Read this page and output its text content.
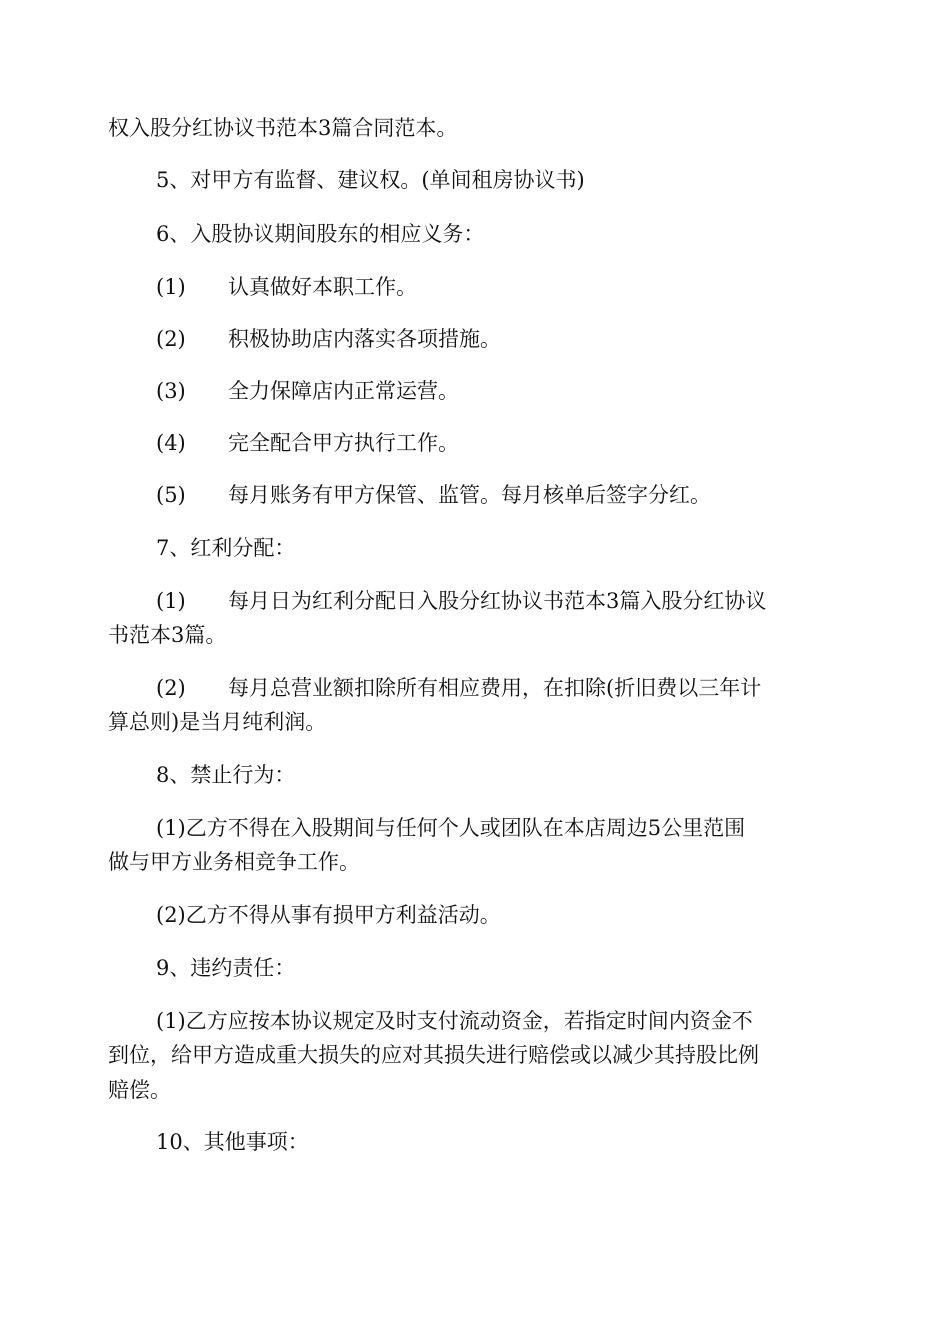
权入股分红协议书范本3篇合同范本。

5、对甲方有监督、建议权。(单间租房协议书)

6、入股协议期间股东的相应义务：

(1) 认真做好本职工作。

(2) 积极协助店内落实各项措施。

(3) 全力保障店内正常运营。

(4) 完全配合甲方执行工作。

(5) 每月账务有甲方保管、监管。每月核单后签字分红。

7、红利分配：

(1) 每月日为红利分配日入股分红协议书范本3篇入股分红协议

书范本3篇。

(2) 每月总营业额扣除所有相应费用，在扣除(折旧费以三年计

算总则)是当月纯利润。

8、禁止行为：

(1)乙方不得在入股期间与任何个人或团队在本店周边5公里范围

做与甲方业务相竞争工作。

(2)乙方不得从事有损甲方利益活动。

9、违约责任：

(1)乙方应按本协议规定及时支付流动资金，若指定时间内资金不

到位，给甲方造成重大损失的应对其损失进行赔偿或以减少其持股比例
赔偿。

10、其他事项：
